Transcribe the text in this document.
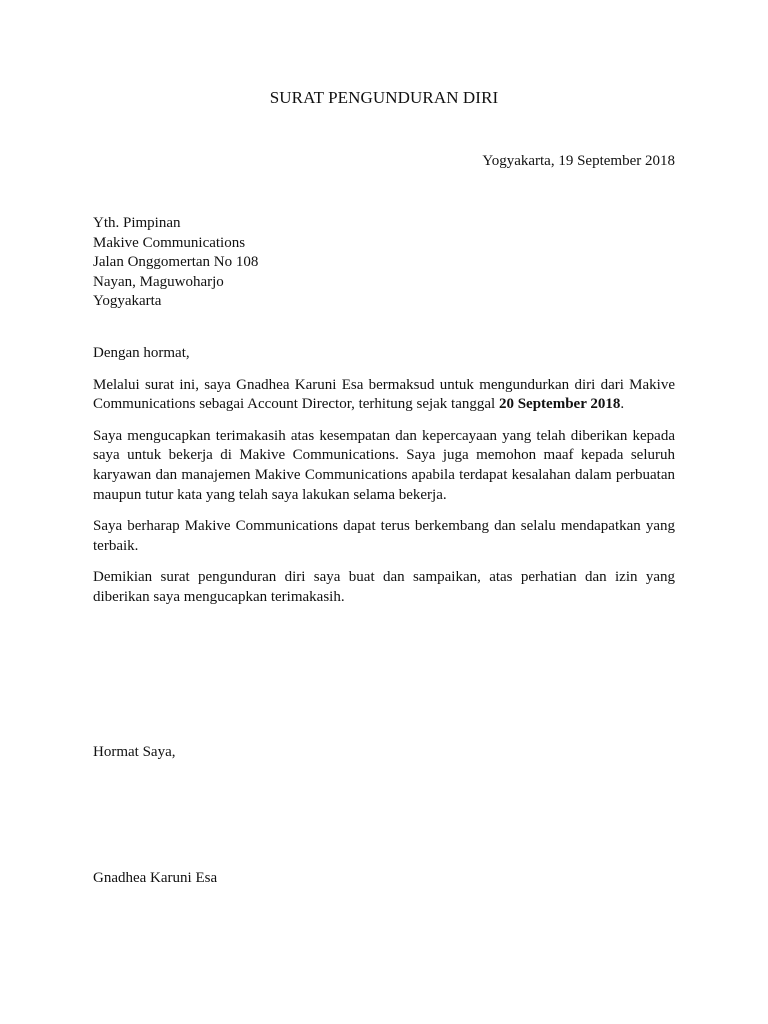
SURAT PENGUNDURAN DIRI
Yogyakarta, 19 September 2018
Yth. Pimpinan
Makive Communications
Jalan Onggomertan No 108
Nayan, Maguwoharjo
Yogyakarta

Dengan hormat,

Melalui surat ini, saya Gnadhea Karuni Esa bermaksud untuk mengundurkan diri dari Makive Communications sebagai Account Director, terhitung sejak tanggal 20 September 2018.

Saya mengucapkan terimakasih atas kesempatan dan kepercayaan yang telah diberikan kepada saya untuk bekerja di Makive Communications. Saya juga memohon maaf kepada seluruh karyawan dan manajemen Makive Communications apabila terdapat kesalahan dalam perbuatan maupun tutur kata yang telah saya lakukan selama bekerja.

Saya berharap Makive Communications dapat terus berkembang dan selalu mendapatkan yang terbaik.

Demikian surat pengunduran diri saya buat dan sampaikan, atas perhatian dan izin yang diberikan saya mengucapkan terimakasih.

Hormat Saya,
Gnadhea Karuni Esa
